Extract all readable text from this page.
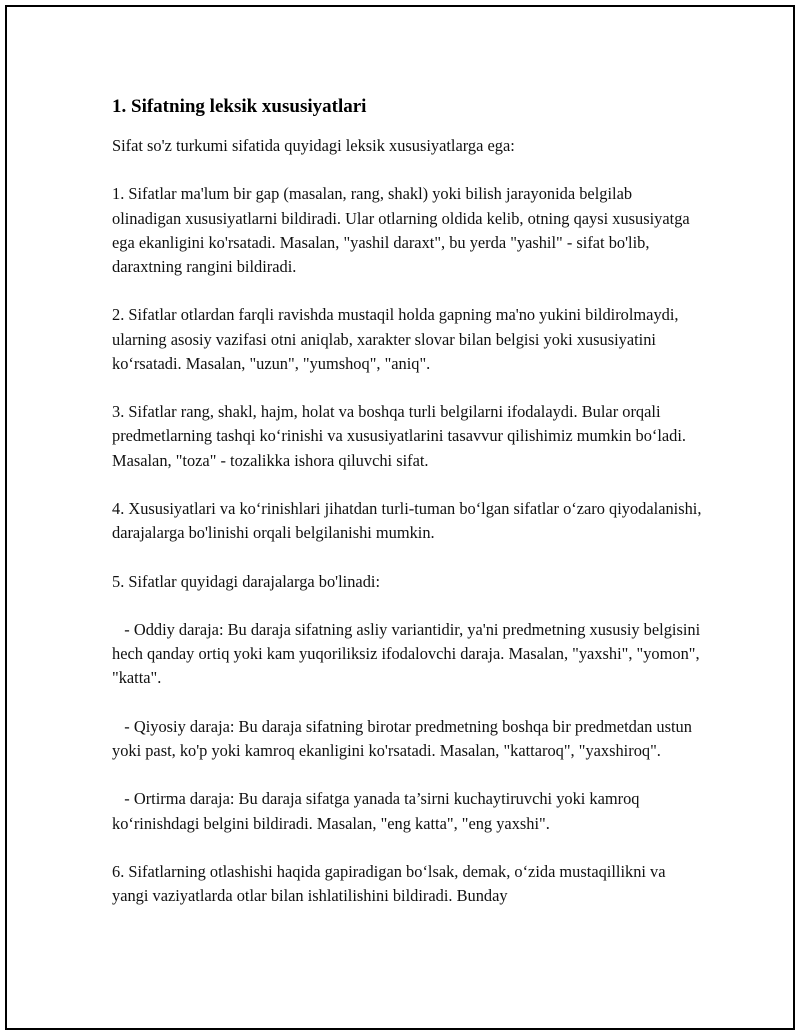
1. Sifatning leksik xususiyatlari

Sifat so'z turkumi sifatida quyidagi leksik xususiyatlarga ega:

1. Sifatlar ma'lum bir gap (masalan, rang, shakl) yoki bilish jarayonida belgilab olinadigan xususiyatlarni bildiradi. Ular otlarning oldida kelib, otning qaysi xususiyatga ega ekanligini ko'rsatadi. Masalan, "yashil daraxt", bu yerda "yashil" - sifat bo'lib, daraxtning rangini bildiradi.

2. Sifatlar otlardan farqli ravishda mustaqil holda gapning ma'no yukini bildirolmaydi, ularning asosiy vazifasi otni aniqlab, xarakter slovar bilan belgisi yoki xususiyatini ko‘rsatadi. Masalan, "uzun", "yumshoq", "aniq".

3. Sifatlar rang, shakl, hajm, holat va boshqa turli belgilarni ifodalaydi. Bular orqali predmetlarning tashqi ko‘rinishi va xususiyatlarini tasavvur qilishimiz mumkin bo‘ladi. Masalan, "toza" - tozalikka ishora qiluvchi sifat.

4. Xususiyatlari va ko‘rinishlari jihatdan turli-tuman bo‘lgan sifatlar o‘zaro qiyodalanishi, darajalarga bo'linishi orqali belgilanishi mumkin.

5. Sifatlar quyidagi darajalarga bo'linadi:

- Oddiy daraja: Bu daraja sifatning asliy variantidir, ya'ni predmetning xususiy belgisini hech qanday ortiq yoki kam yuqoriliksiz ifodalovchi daraja. Masalan, "yaxshi", "yomon", "katta".

- Qiyosiy daraja: Bu daraja sifatning birotar predmetning boshqa bir predmetdan ustun yoki past, ko'p yoki kamroq ekanligini ko'rsatadi. Masalan, "kattaroq", "yaxshiroq".

- Ortirma daraja: Bu daraja sifatga yanada ta’sirni kuchaytiruvchi yoki kamroq ko‘rinishdagi belgini bildiradi. Masalan, "eng katta", "eng yaxshi".

6. Sifatlarning otlashishi haqida gapiradigan bo‘lsak, demak, o‘zida mustaqillikni va yangi vaziyatlarda otlar bilan ishlatilishini bildiradi. Bunday
